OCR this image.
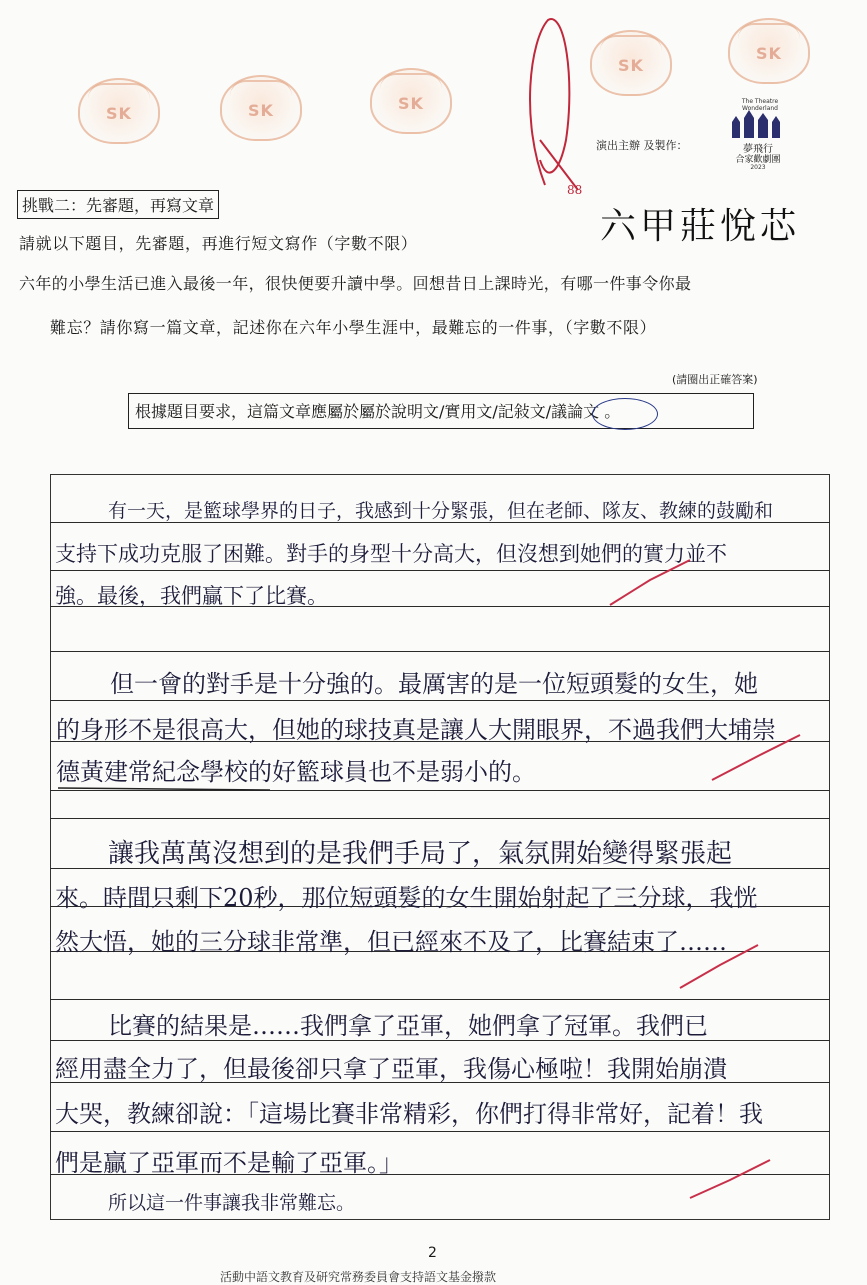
SK	SK	SK
SK
SK
The Theatre Wonderland
夢飛行
合家歡劇團
2023
演出主辦 及製作：
88
六甲莊悅芯
挑戰二：先審題，再寫文章
請就以下題目，先審題，再進行短文寫作（字數不限）
六年的小學生活已進入最後一年，很快便要升讀中學。回想昔日上課時光，有哪一件事令你最
難忘？請你寫一篇文章，記述你在六年小學生涯中，最難忘的一件事，（字數不限）
(請圈出正確答案)
根據題目要求，這篇文章應屬於屬於說明文/實用文/記敍文/議論文 。
有一天，是籃球學界的日子，我感到十分緊張，但在老師、隊友、教練的鼓勵和
支持下成功克服了困難。對手的身型十分高大，但沒想到她們的實力並不
強。最後，我們贏下了比賽。
但一會的對手是十分強的。最厲害的是一位短頭髮的女生，她
的身形不是很高大，但她的球技真是讓人大開眼界，不過我們大埔崇
德黃建常紀念學校的好籃球員也不是弱小的。
讓我萬萬沒想到的是我們手局了，氣氛開始變得緊張起
來。時間只剩下20秒，那位短頭髮的女生開始射起了三分球，我恍
然大悟，她的三分球非常準，但已經來不及了，比賽結束了……
比賽的結果是……我們拿了亞軍，她們拿了冠軍。我們已
經用盡全力了，但最後卻只拿了亞軍，我傷心極啦！我開始崩潰
大哭，教練卻說：「這場比賽非常精彩，你們打得非常好，記着！我
們是贏了亞軍而不是輸了亞軍。」
所以這一件事讓我非常難忘。
2
活動中語文教育及研究常務委員會支持語文基金撥款
